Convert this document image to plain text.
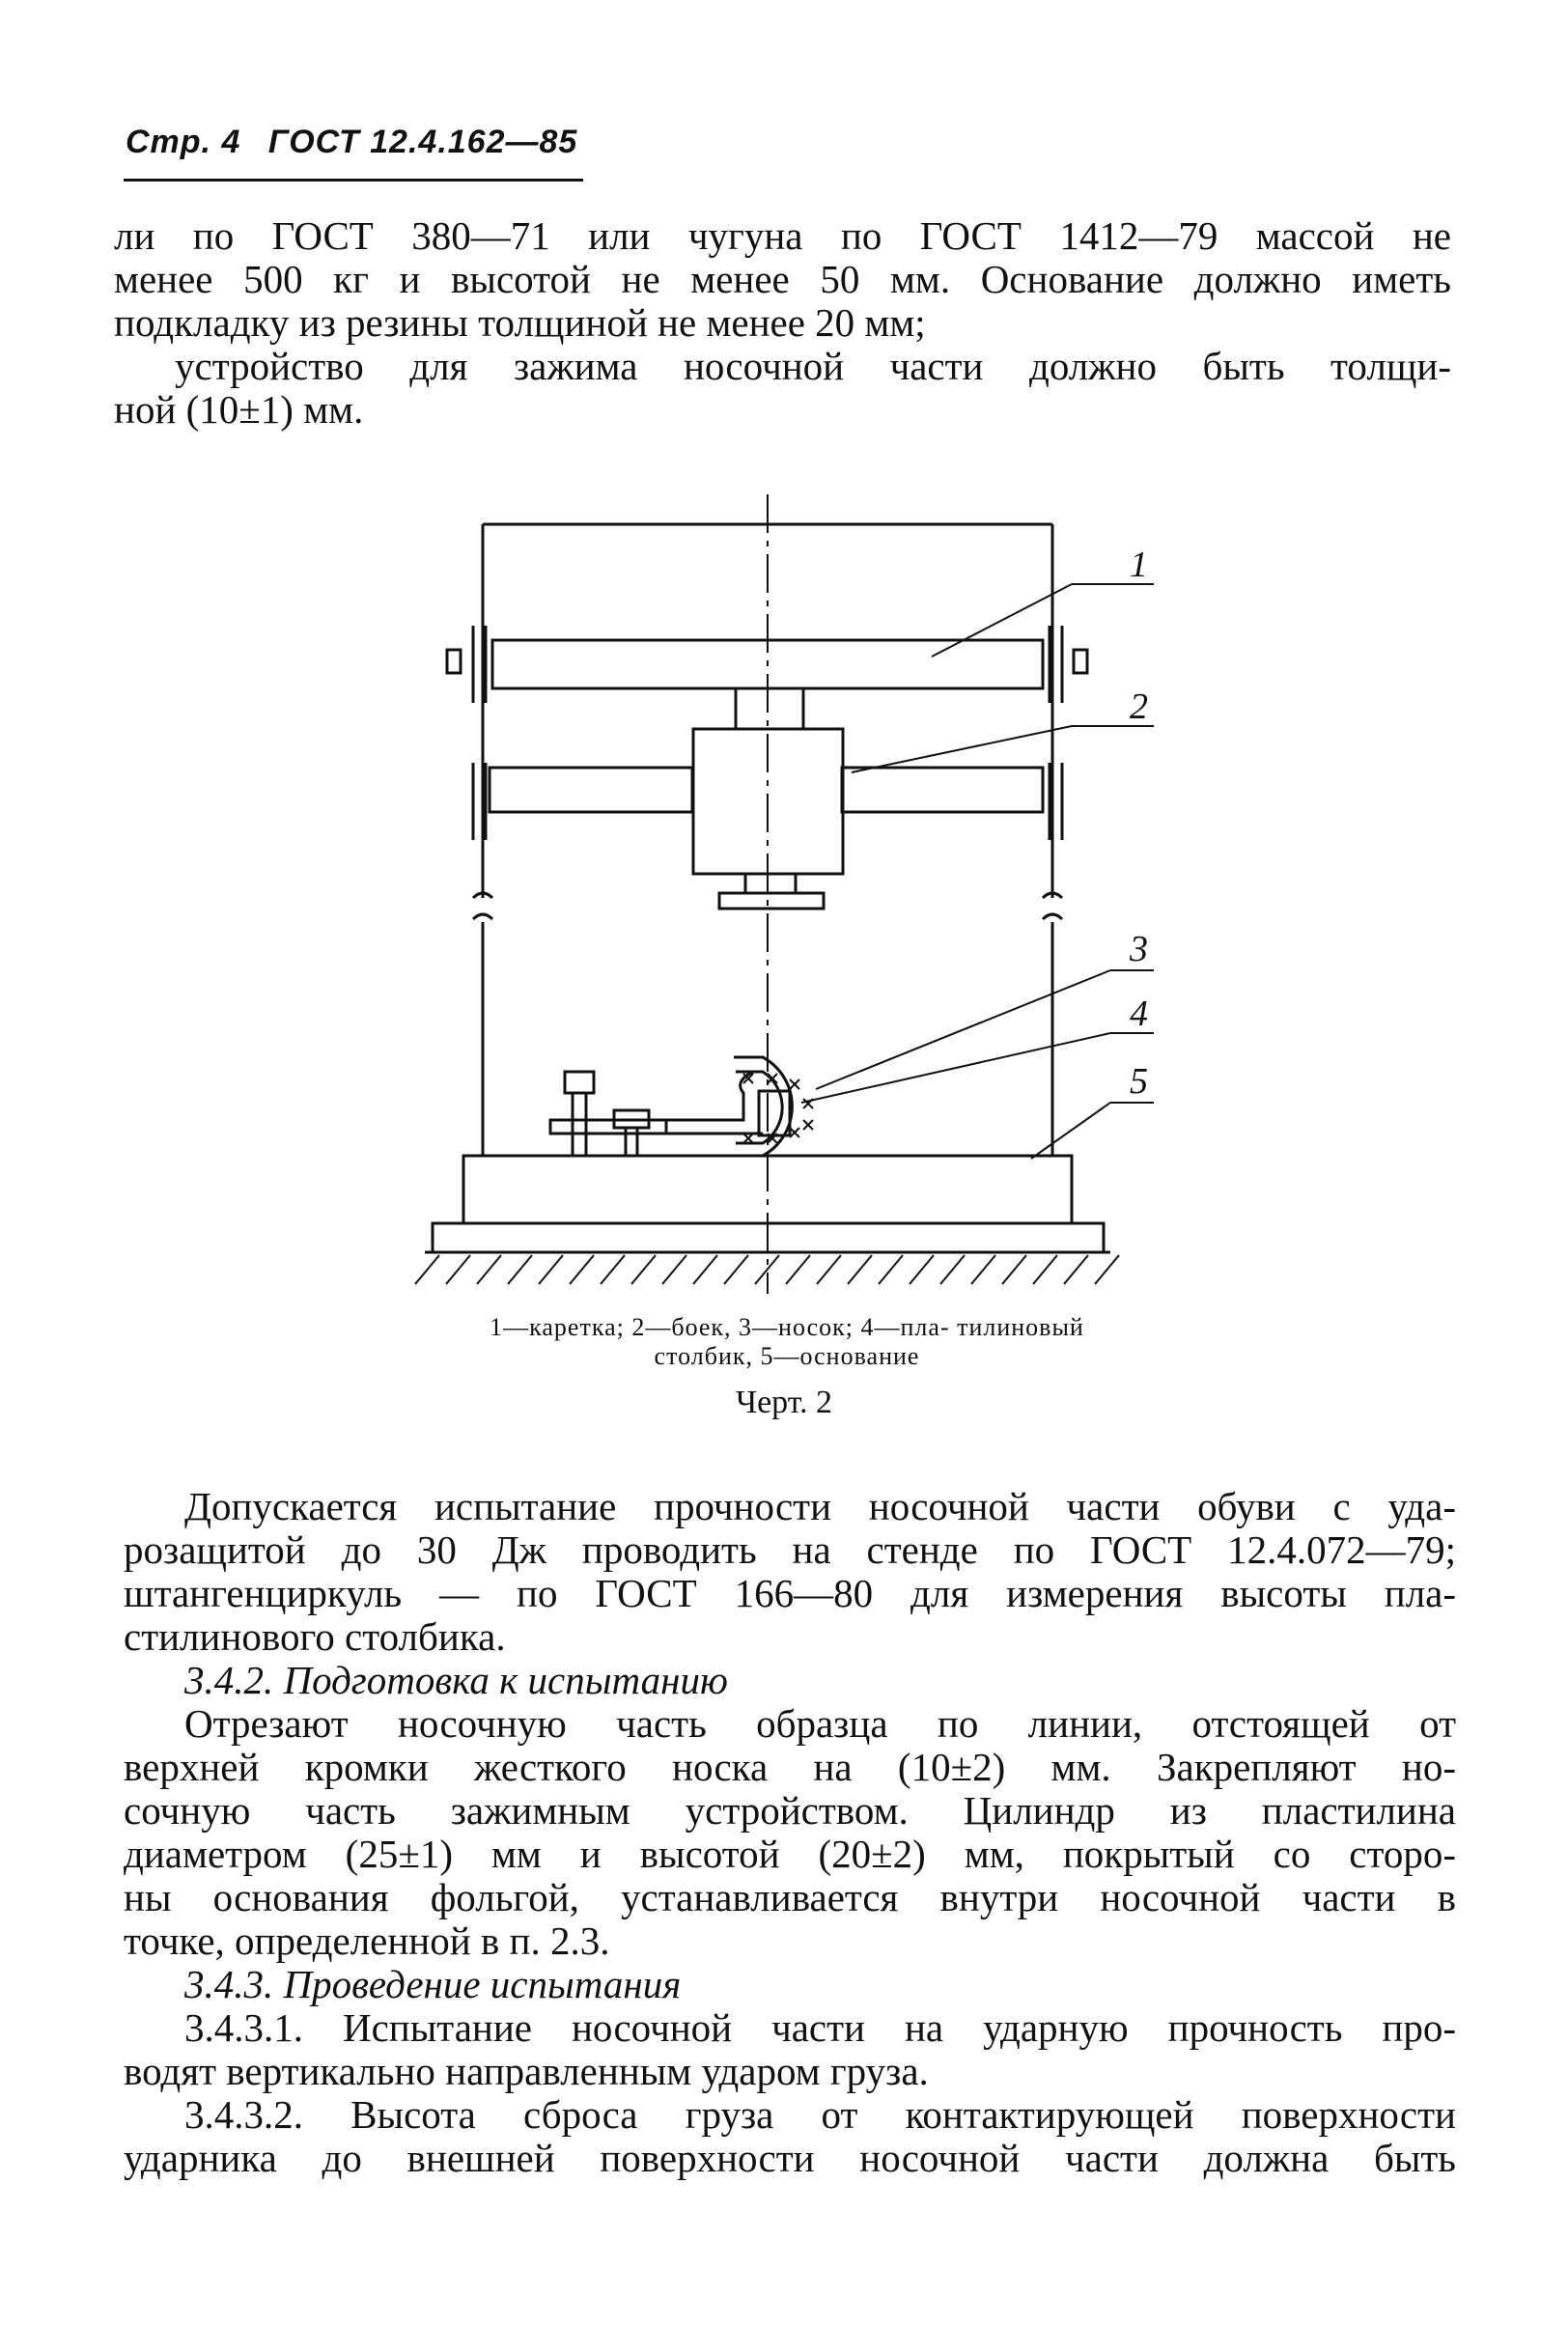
Стр. 4 ГОСТ 12.4.162—85
ли по ГОСТ 380—71 или чугуна по ГОСТ 1412—79 массой не
менее 500 кг и высотой не менее 50 мм. Основание должно иметь
подкладку из резины толщиной не менее 20 мм;
устройство для зажима носочной части должно быть толщи-
ной (10±1) мм.
1
2
3
4
5
1—каретка; 2—боек, 3—носок; 4—пла- тилиновый
столбик, 5—основание
Черт. 2
Допускается испытание прочности носочной части обуви с уда-
розащитой до 30 Дж проводить на стенде по ГОСТ 12.4.072—79;
штангенциркуль — по ГОСТ 166—80 для измерения высоты пла-
стилинового столбика.
3.4.2. Подготовка к испытанию
Отрезают носочную часть образца по линии, отстоящей от
верхней кромки жесткого носка на (10±2) мм. Закрепляют но-
сочную часть зажимным устройством. Цилиндр из пластилина
диаметром (25±1) мм и высотой (20±2) мм, покрытый со сторо-
ны основания фольгой, устанавливается внутри носочной части в
точке, определенной в п. 2.3.
3.4.3. Проведение испытания
3.4.3.1. Испытание носочной части на ударную прочность про-
водят вертикально направленным ударом груза.
3.4.3.2. Высота сброса груза от контактирующей поверхности
ударника до внешней поверхности носочной части должна быть
